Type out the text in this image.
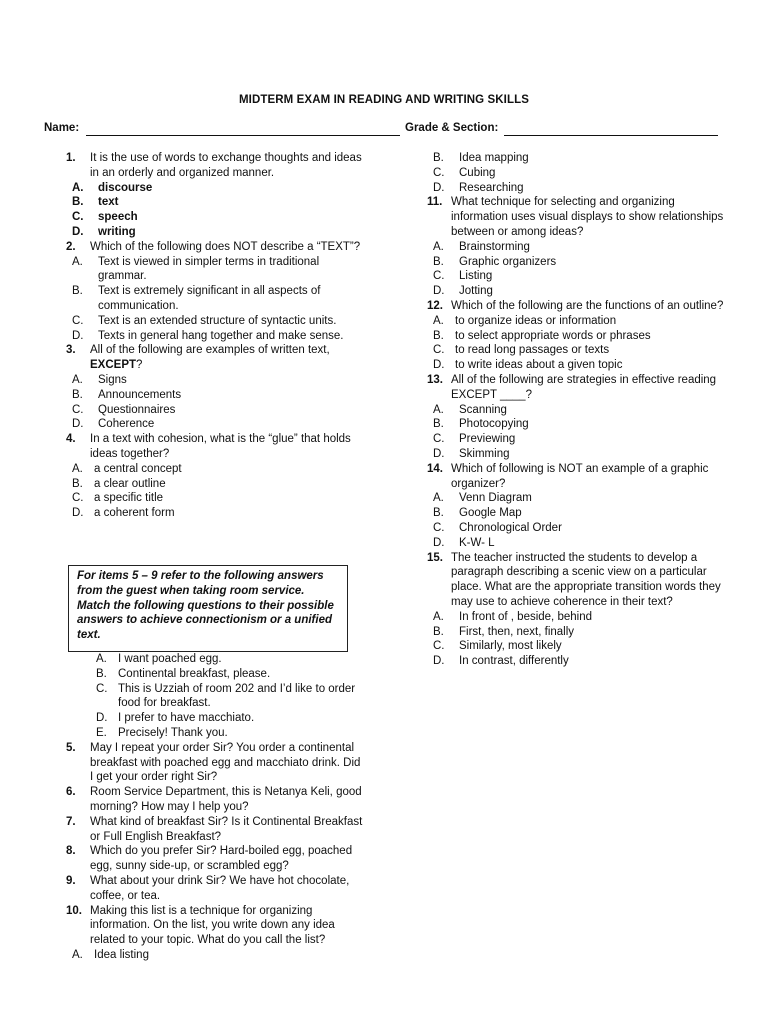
MIDTERM EXAM IN READING AND WRITING SKILLS
Name:	Grade & Section:
1. It is the use of words to exchange thoughts and ideas in an orderly and organized manner.
A. discourse
B. text
C. speech
D. writing
2. Which of the following does NOT describe a “TEXT”?
A. Text is viewed in simpler terms in traditional grammar.
B. Text is extremely significant in all aspects of communication.
C. Text is an extended structure of syntactic units.
D. Texts in general hang together and make sense.
3. All of the following are examples of written text, EXCEPT?
A. Signs
B. Announcements
C. Questionnaires
D. Coherence
4. In a text with cohesion, what is the “glue” that holds ideas together?
A. a central concept
B. a clear outline
C. a specific title
D. a coherent form
For items 5 – 9 refer to the following answers from the guest when taking room service. Match the following questions to their possible answers to achieve connectionism or a unified text.
A. I want poached egg.
B. Continental breakfast, please.
C. This is Uzziah of room 202 and I’d like to order food for breakfast.
D. I prefer to have macchiato.
E. Precisely! Thank you.
5. May I repeat your order Sir? You order a continental breakfast with poached egg and macchiato drink. Did I get your order right Sir?
6. Room Service Department, this is Netanya Keli, good morning? How may I help you?
7. What kind of breakfast Sir? Is it Continental Breakfast or Full English Breakfast?
8. Which do you prefer Sir? Hard-boiled egg, poached egg, sunny side-up, or scrambled egg?
9. What about your drink Sir? We have hot chocolate, coffee, or tea.
10. Making this list is a technique for organizing information. On the list, you write down any idea related to your topic. What do you call the list?
A. Idea listing
B. Idea mapping
C. Cubing
D. Researching
11. What technique for selecting and organizing information uses visual displays to show relationships between or among ideas?
A. Brainstorming
B. Graphic organizers
C. Listing
D. Jotting
12. Which of the following are the functions of an outline?
A. to organize ideas or information
B. to select appropriate words or phrases
C. to read long passages or texts
D. to write ideas about a given topic
13. All of the following are strategies in effective reading EXCEPT ____?
A. Scanning
B. Photocopying
C. Previewing
D. Skimming
14. Which of following is NOT an example of a graphic organizer?
A. Venn Diagram
B. Google Map
C. Chronological Order
D. K-W- L
15. The teacher instructed the students to develop a paragraph describing a scenic view on a particular place. What are the appropriate transition words they may use to achieve coherence in their text?
A. In front of , beside, behind
B. First, then, next, finally
C. Similarly, most likely
D. In contrast, differently
